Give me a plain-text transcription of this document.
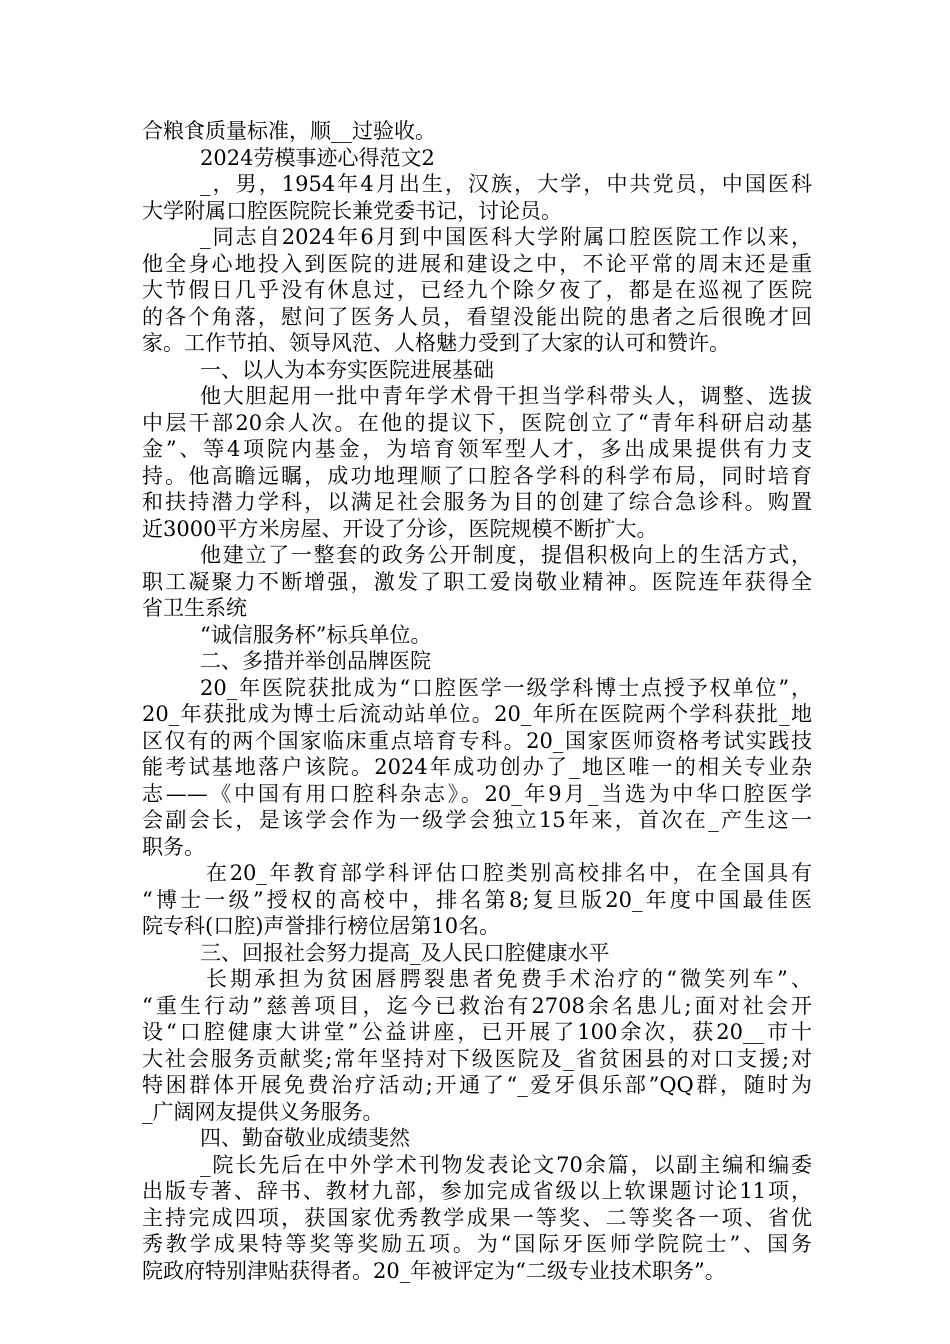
合粮食质量标准，顺__过验收。
2024劳模事迹心得范文2
_，男，1954年4月出生，汉族，大学，中共党员，中国医科
大学附属口腔医院院长兼党委书记，讨论员。
_同志自2024年6月到中国医科大学附属口腔医院工作以来，
他全身心地投入到医院的进展和建设之中，不论平常的周末还是重
大节假日几乎没有休息过，已经九个除夕夜了，都是在巡视了医院
的各个角落，慰问了医务人员，看望没能出院的患者之后很晚才回
家。工作节拍、领导风范、人格魅力受到了大家的认可和赞许。
一、以人为本夯实医院进展基础
他大胆起用一批中青年学术骨干担当学科带头人，调整、选拔
中层干部20余人次。在他的提议下，医院创立了“青年科研启动基
金”、等4项院内基金，为培育领军型人才，多出成果提供有力支
持。他高瞻远瞩，成功地理顺了口腔各学科的科学布局，同时培育
和扶持潜力学科，以满足社会服务为目的创建了综合急诊科。购置
近3000平方米房屋、开设了分诊，医院规模不断扩大。
他建立了一整套的政务公开制度，提倡积极向上的生活方式，
职工凝聚力不断增强，激发了职工爱岗敬业精神。医院连年获得全
省卫生系统
“诚信服务杯”标兵单位。
二、多措并举创品牌医院
20_年医院获批成为“口腔医学一级学科博士点授予权单位”，
20_年获批成为博士后流动站单位。20_年所在医院两个学科获批_地
区仅有的两个国家临床重点培育专科。20_国家医师资格考试实践技
能考试基地落户该院。2024年成功创办了_地区唯一的相关专业杂
志——《中国有用口腔科杂志》。20_年9月_当选为中华口腔医学
会副会长，是该学会作为一级学会独立15年来，首次在_产生这一
职务。
在20_年教育部学科评估口腔类别高校排名中，在全国具有
“博士一级”授权的高校中，排名第8;复旦版20_年度中国最佳医
院专科(口腔)声誉排行榜位居第10名。
三、回报社会努力提高_及人民口腔健康水平
长期承担为贫困唇腭裂患者免费手术治疗的“微笑列车”、
“重生行动”慈善项目，迄今已救治有2708余名患儿;面对社会开
设“口腔健康大讲堂”公益讲座，已开展了100余次，获20__市十
大社会服务贡献奖;常年坚持对下级医院及_省贫困县的对口支援;对
特困群体开展免费治疗活动;开通了“_爱牙俱乐部”QQ群，随时为
_广阔网友提供义务服务。
四、勤奋敬业成绩斐然
_院长先后在中外学术刊物发表论文70余篇，以副主编和编委
出版专著、辞书、教材九部，参加完成省级以上软课题讨论11项，
主持完成四项，获国家优秀教学成果一等奖、二等奖各一项、省优
秀教学成果特等奖等奖励五项。为“国际牙医师学院院士”、国务
院政府特别津贴获得者。20_年被评定为“二级专业技术职务”。
